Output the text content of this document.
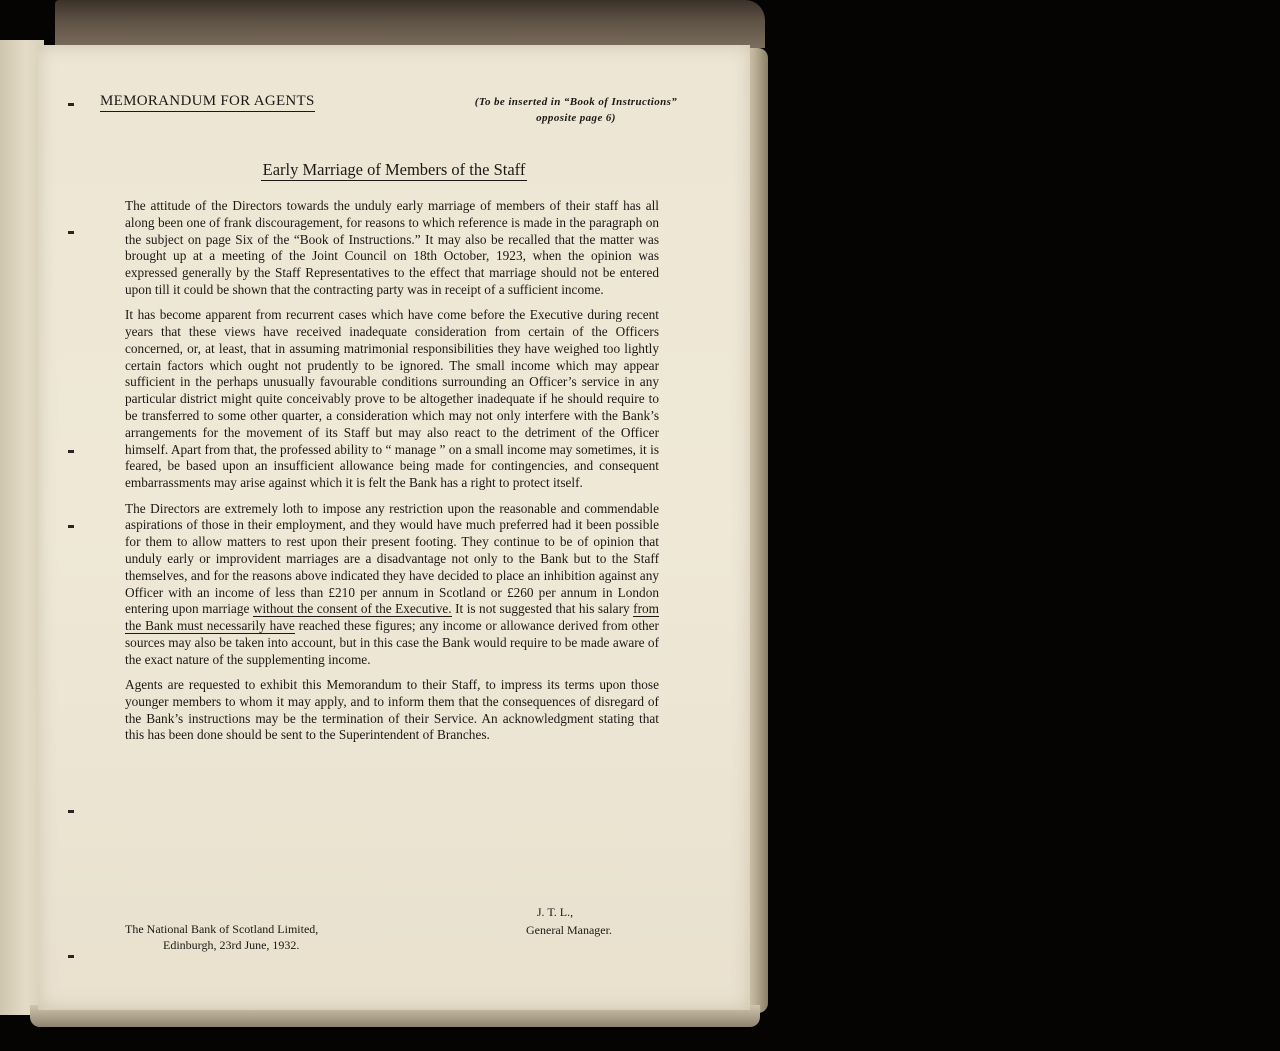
MEMORANDUM FOR AGENTS	(To be inserted in “Book of Instructions”
opposite page 6)
Early Marriage of Members of the Staff

The attitude of the Directors towards the unduly early marriage of members of their staff has all along been one of frank discouragement, for reasons to which reference is made in the paragraph on the subject on page Six of the “Book of Instructions.” It may also be recalled that the matter was brought up at a meeting of the Joint Council on 18th October, 1923, when the opinion was expressed generally by the Staff Representatives to the effect that marriage should not be entered upon till it could be shown that the contracting party was in receipt of a sufficient income.

It has become apparent from recurrent cases which have come before the Executive during recent years that these views have received inadequate consideration from certain of the Officers concerned, or, at least, that in assuming matrimonial responsibilities they have weighed too lightly certain factors which ought not prudently to be ignored. The small income which may appear sufficient in the perhaps unusually favourable conditions surrounding an Officer’s service in any particular district might quite conceivably prove to be altogether inadequate if he should require to be transferred to some other quarter, a consideration which may not only interfere with the Bank’s arrangements for the movement of its Staff but may also react to the detriment of the Officer himself. Apart from that, the professed ability to “ manage ” on a small income may sometimes, it is feared, be based upon an insufficient allowance being made for contingencies, and consequent embarrassments may arise against which it is felt the Bank has a right to protect itself.

The Directors are extremely loth to impose any restriction upon the reasonable and commendable aspirations of those in their employment, and they would have much preferred had it been possible for them to allow matters to rest upon their present footing. They continue to be of opinion that unduly early or improvident marriages are a disadvantage not only to the Bank but to the Staff themselves, and for the reasons above indicated they have decided to place an inhibition against any Officer with an income of less than £210 per annum in Scotland or £260 per annum in London entering upon marriage without the consent of the Executive. It is not suggested that his salary from the Bank must necessarily have reached these figures; any income or allowance derived from other sources may also be taken into account, but in this case the Bank would require to be made aware of the exact nature of the supplementing income.

Agents are requested to exhibit this Memorandum to their Staff, to impress its terms upon those younger members to whom it may apply, and to inform them that the consequences of disregard of the Bank’s instructions may be the termination of their Service. An acknowledgment stating that this has been done should be sent to the Superintendent of Branches.

The National Bank of Scotland Limited,
Edinburgh, 23rd June, 1932.
J. T. L.,
General Manager.
